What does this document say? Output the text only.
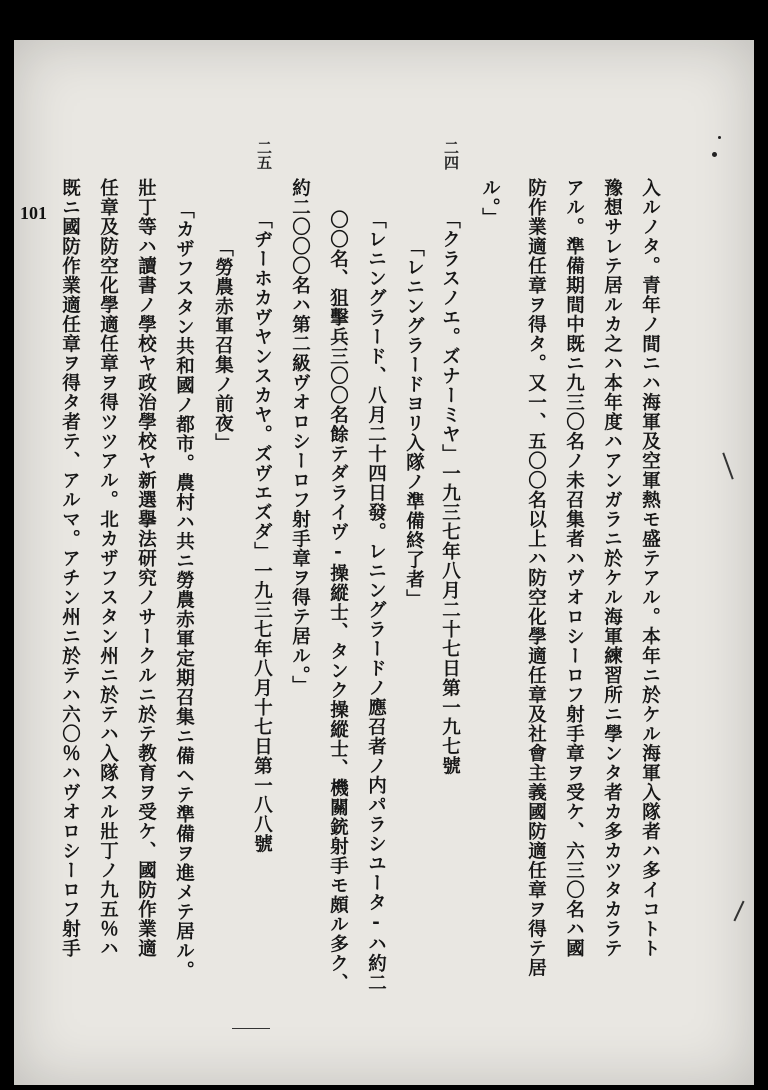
101	入ルノタ。青年ノ間ニハ海軍及空軍熱モ盛テアル。本年ニ於ケル海軍入隊者ハ多イコトト
豫想サレテ居ルカ之ハ本年度ハアンガラニ於ケル海軍練習所ニ學ンタ者カ多カツタカラテ
アル。準備期間中既ニ九三〇名ノ未召集者ハヴオロシーロフ射手章ヲ受ケ、六三〇名ハ國
防作業適任章ヲ得タ。又一、五〇〇名以上ハ防空化學適任章及社會主義國防適任章ヲ得テ居
ル。」
二四
「クラスノエ。ズナーミヤ」一九三七年八月二十七日第一九七號
「レニングラードヨリ入隊ノ準備終了者」
「レニングラード、八月二十四日發。レニングラードノ應召者ノ内パラシユータ-ハ約二
〇〇名、狙擊兵三〇〇名餘テダライヴ-操縱士、タンク操縱士、機關銃射手モ頗ル多ク、
約二〇〇〇名ハ第二級ヴオロシーロフ射手章ヲ得テ居ル。」
二五
「ヂーホカヴヤンスカヤ。ズヴエズダ」一九三七年八月十七日第一八八號
「勞農赤軍召集ノ前夜」
「カザフスタン共和國ノ都市。農村ハ共ニ勞農赤軍定期召集ニ備ヘテ準備ヲ進メテ居ル。
壯丁等ハ讀書ノ學校ヤ政治學校ヤ新選擧法研究ノサークルニ於テ教育ヲ受ケ、國防作業適
任章及防空化學適任章ヲ得ツツアル。北カザフスタン州ニ於テハ入隊スル壯丁ノ九五％ハ
既ニ國防作業適任章ヲ得タ者テ、アルマ。アチン州ニ於テハ六〇％ハヴオロシーロフ射手
